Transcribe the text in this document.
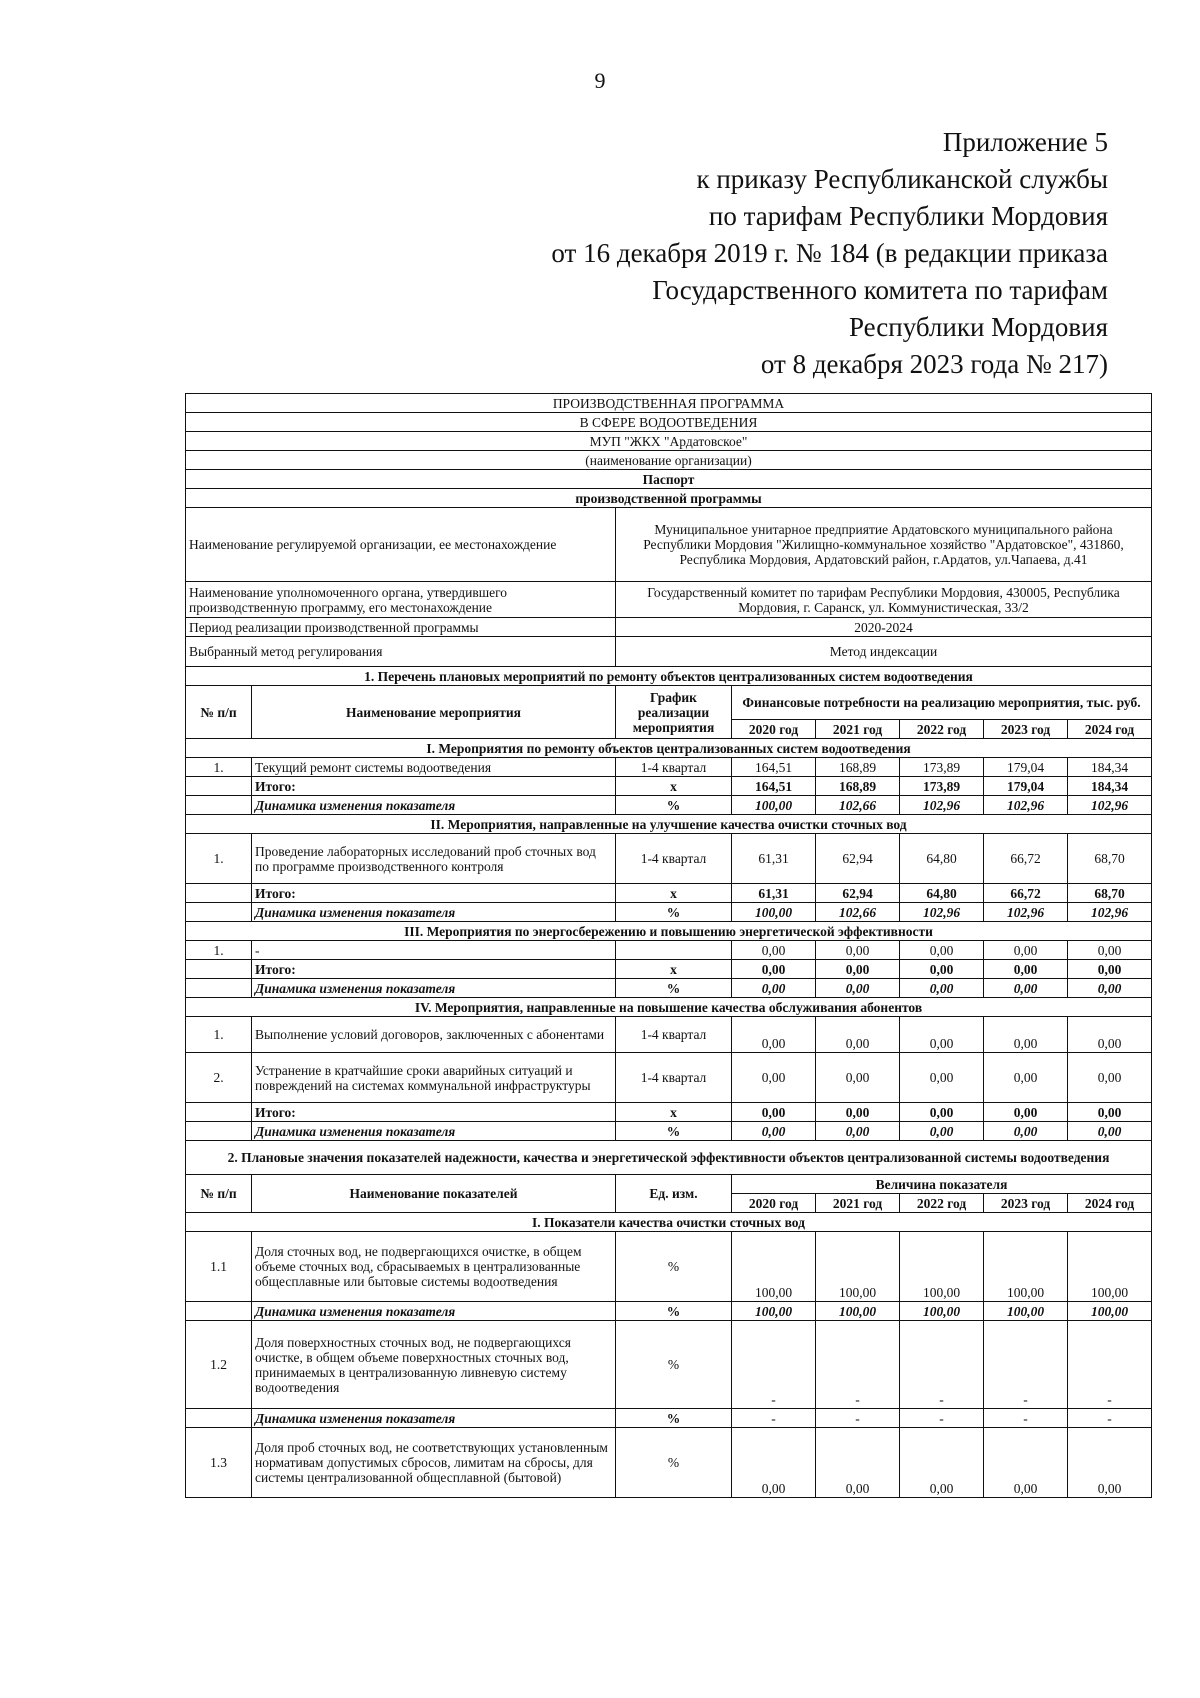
9
Приложение 5
к приказу Республиканской службы
по тарифам Республики Мордовия
от 16 декабря 2019 г. № 184 (в редакции приказа
Государственного комитета по тарифам
Республики Мордовия
от 8 декабря 2023 года № 217)
ПРОИЗВОДСТВЕННАЯ ПРОГРАММА							
В СФЕРЕ ВОДООТВЕДЕНИЯ							
МУП "ЖКХ "Ардатовское"							
(наименование организации)							
Паспорт							
производственной программы							
Наименование регулируемой организации, ее местонахождение		Муниципальное унитарное предприятие Ардатовского муниципального района Республики Мордовия "Жилищно-коммунальное хозяйство "Ардатовское", 431860, Республика Мордовия, Ардатовский район, г.Ардатов, ул.Чапаева, д.41					
Наименование уполномоченного органа, утвердившего производственную программу, его местонахождение		Государственный комитет по тарифам Республики Мордовия, 430005, Республика Мордовия, г. Саранск, ул. Коммунистическая, 33/2					
Период реализации производственной программы		2020-2024					
Выбранный метод регулирования		Метод индексации					
1. Перечень плановых мероприятий по ремонту объектов централизованных систем водоотведения							
№ п/п	Наименование мероприятия	График реализации мероприятия	Финансовые потребности на реализацию мероприятия, тыс. руб.				
			2020 год	2021 год	2022 год	2023 год	2024 год
I. Мероприятия по ремонту объектов централизованных систем водоотведения							
1.	Текущий ремонт системы водоотведения	1-4 квартал	164,51	168,89	173,89	179,04	184,34
	Итого:	х	164,51	168,89	173,89	179,04	184,34
	Динамика изменения показателя	%	100,00	102,66	102,96	102,96	102,96
II. Мероприятия, направленные на улучшение качества очистки сточных вод							
1.	Проведение лабораторных исследований проб сточных вод по программе производственного контроля	1-4 квартал	61,31	62,94	64,80	66,72	68,70
	Итого:	х	61,31	62,94	64,80	66,72	68,70
	Динамика изменения показателя	%	100,00	102,66	102,96	102,96	102,96
III. Мероприятия по энергосбережению и повышению энергетической эффективности							
1.	-		0,00	0,00	0,00	0,00	0,00
	Итого:	х	0,00	0,00	0,00	0,00	0,00
	Динамика изменения показателя	%	0,00	0,00	0,00	0,00	0,00
IV. Мероприятия, направленные на повышение качества обслуживания абонентов							
1.	Выполнение условий договоров, заключенных с абонентами	1-4 квартал	0,00	0,00	0,00	0,00	0,00
2.	Устранение в кратчайшие сроки аварийных ситуаций и повреждений на системах коммунальной инфраструктуры	1-4 квартал	0,00	0,00	0,00	0,00	0,00
	Итого:	х	0,00	0,00	0,00	0,00	0,00
	Динамика изменения показателя	%	0,00	0,00	0,00	0,00	0,00
2. Плановые значения показателей надежности, качества и энергетической эффективности объектов централизованной системы водоотведения							
№ п/п	Наименование показателей	Ед. изм.	Величина показателя				
			2020 год	2021 год	2022 год	2023 год	2024 год
I. Показатели качества очистки сточных вод							
1.1	Доля сточных вод, не подвергающихся очистке, в общем объеме сточных вод, сбрасываемых в централизованные общесплавные или бытовые системы водоотведения	%	100,00	100,00	100,00	100,00	100,00
	Динамика изменения показателя	%	100,00	100,00	100,00	100,00	100,00
1.2	Доля поверхностных сточных вод, не подвергающихся очистке, в общем объеме поверхностных сточных вод, принимаемых в централизованную ливневую систему водоотведения	%	-	-	-	-	-
	Динамика изменения показателя	%	-	-	-	-	-
1.3	Доля проб сточных вод, не соответствующих установленным нормативам допустимых сбросов, лимитам на сбросы, для системы централизованной общесплавной (бытовой)	%	0,00	0,00	0,00	0,00	0,00
